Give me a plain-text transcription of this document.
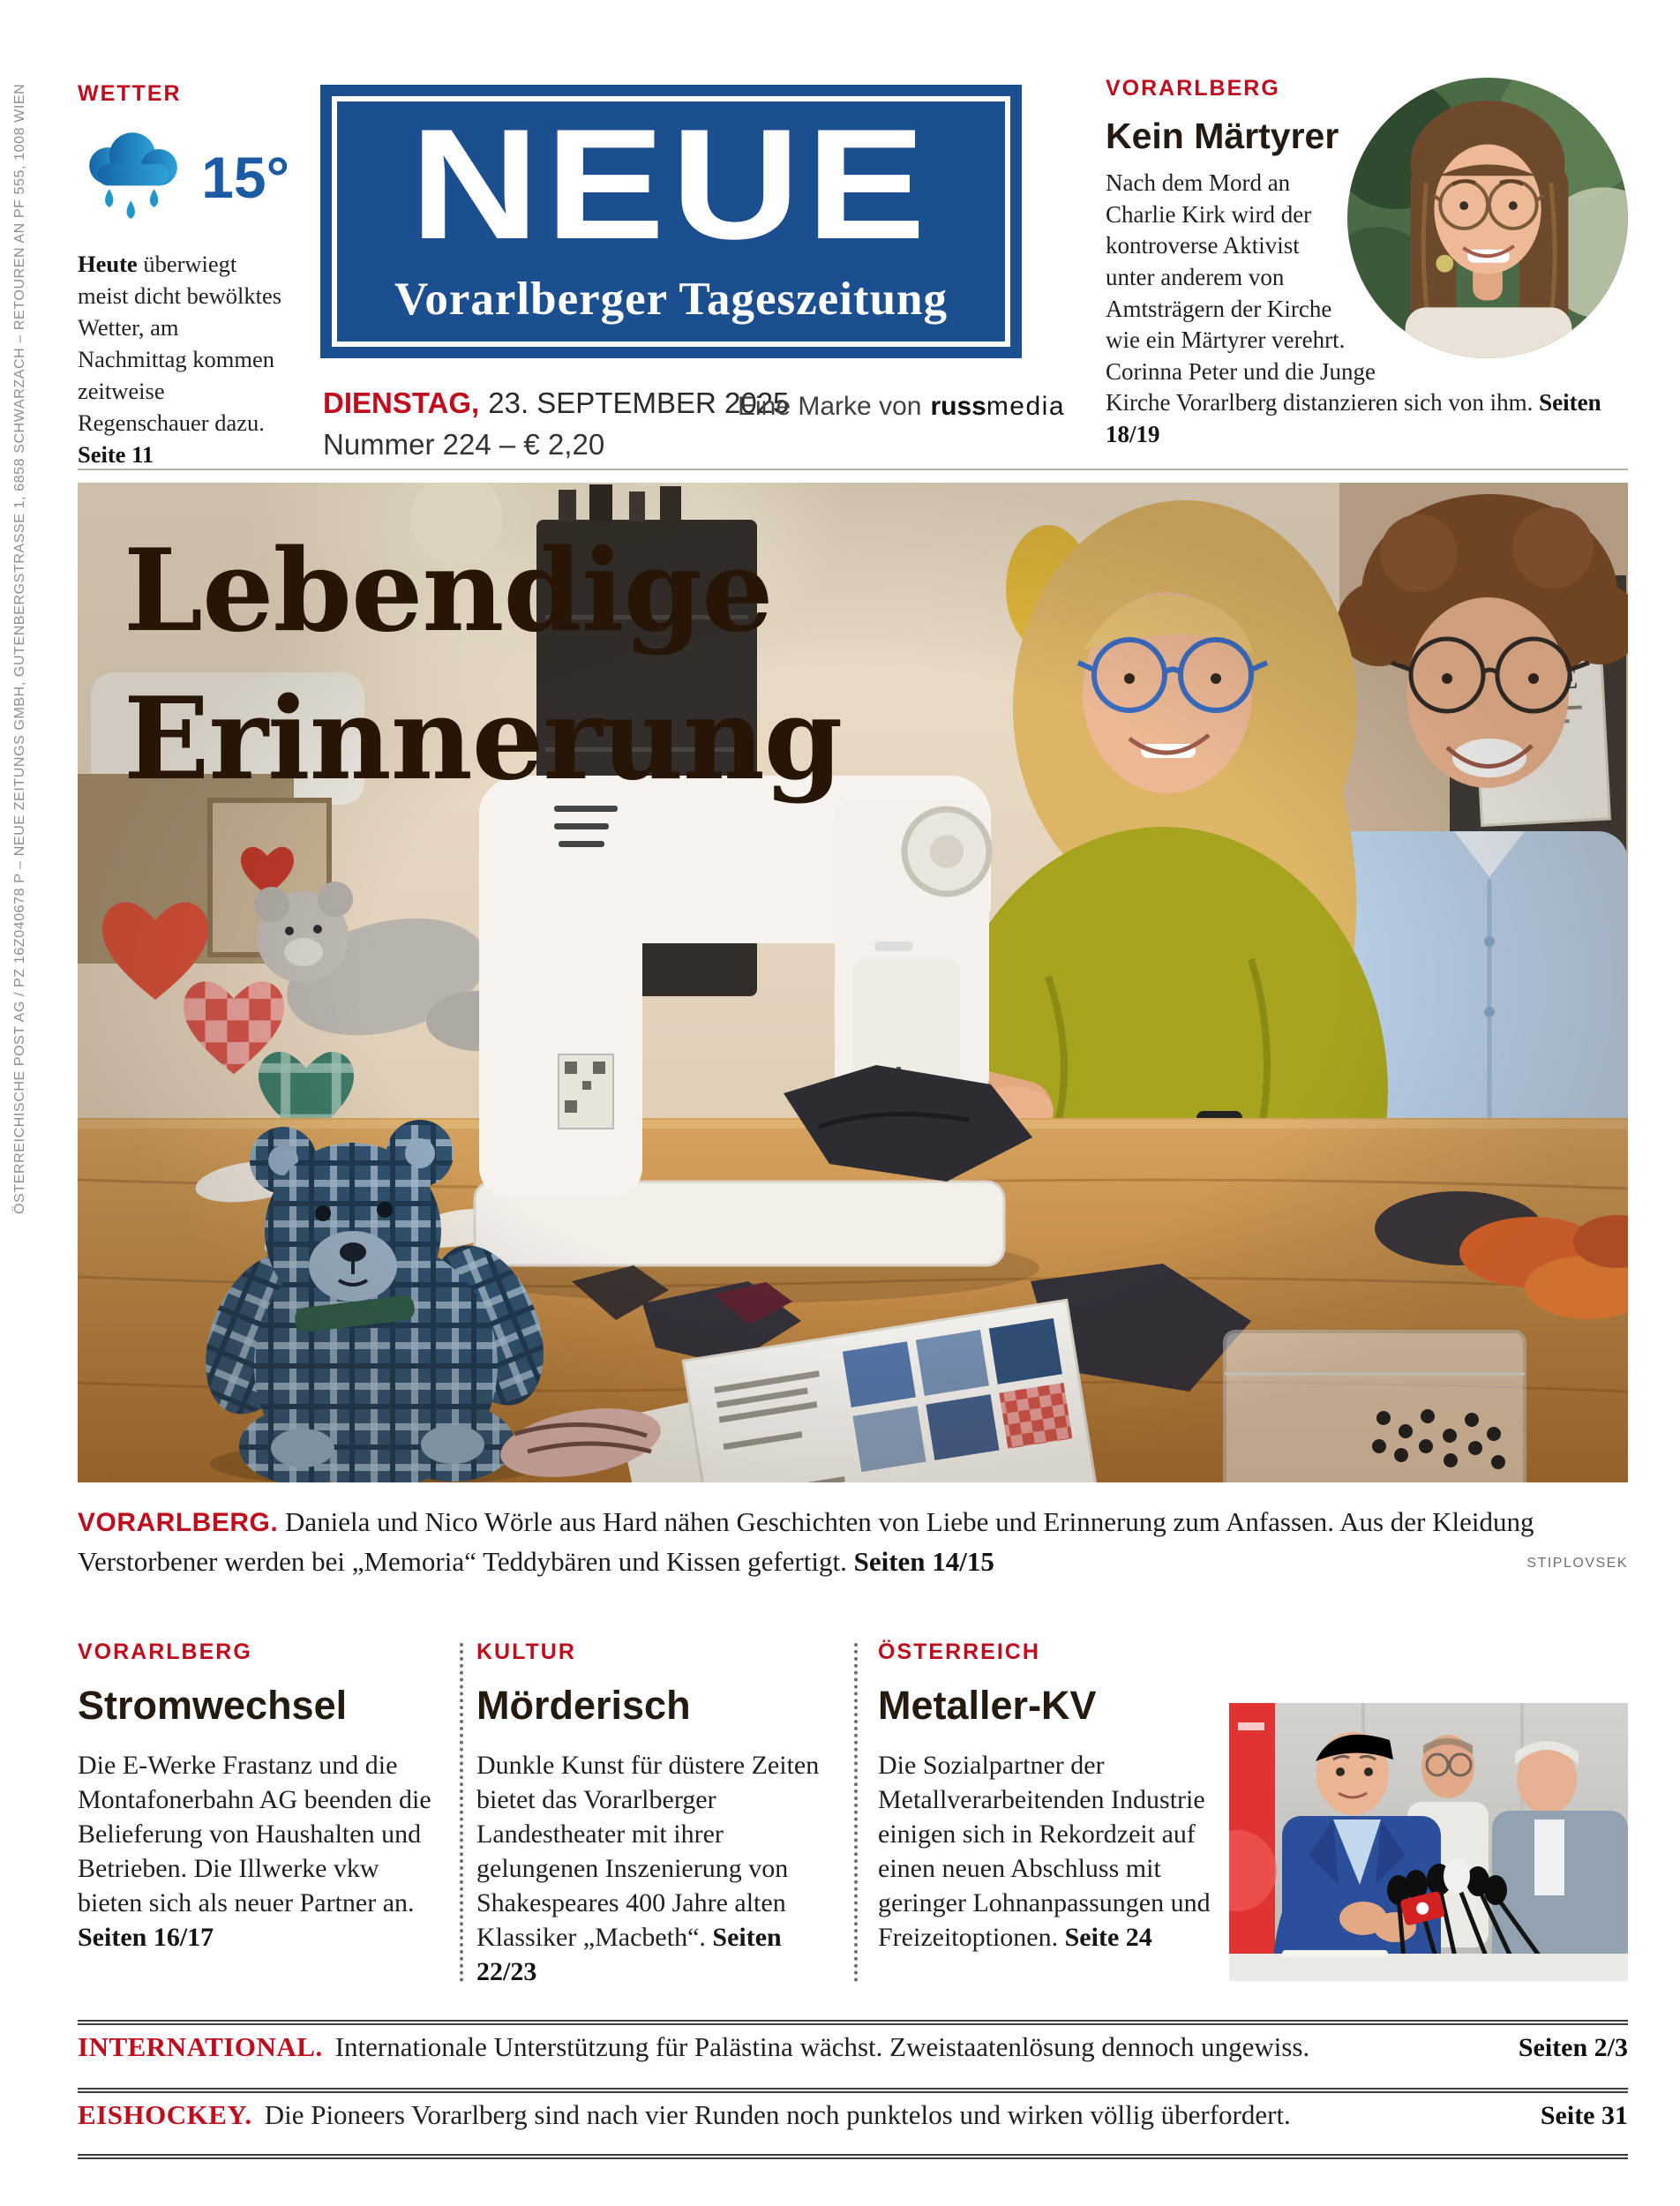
ÖSTERREICHISCHE POST AG / PZ 16Z040678 P – NEUE ZEITUNGS GMBH, GUTENBERGSTRASSE 1, 6858 SCHWARZACH – RETOUREN AN PF 555, 1008 WIEN WETTER
15°

Heute überwiegt meist dicht bewölktes Wetter, am Nachmittag kommen zeitweise Regenschauer dazu. Seite 11

NEUE
Vorarlberger Tageszeitung
DIENSTAG, 23. SEPTEMBER 2025
Nummer 224 – € 2,20
Eine Marke von russmedia
VORARLBERG
Kein Märtyrer

Nach dem Mord an Charlie Kirk wird der kontroverse Aktivist unter anderem von Amtsträgern der Kirche wie ein Märtyrer verehrt. Corinna Peter und die Junge Kirche Vorarlberg distanzieren sich von ihm. Seiten 18/19

Lebendige
Erinnerung
VORARLBERG. Daniela und Nico Wörle aus Hard nähen Geschichten von Liebe und Erinnerung zum Anfassen. Aus der Kleidung Verstorbener werden bei „Memoria“ Teddybären und Kissen gefertigt. Seiten 14/15	STIPLOVSEK
VORARLBERG
Stromwechsel

Die E-Werke Frastanz und die Montafonerbahn AG beenden die Belieferung von Haushalten und Betrieben. Die Illwerke vkw bieten sich als neuer Partner an. Seiten 16/17

KULTUR
Mörderisch

Dunkle Kunst für düstere Zeiten bietet das Vorarlberger Landestheater mit ihrer gelungenen Inszenierung von Shakespeares 400 Jahre alten Klassiker „Macbeth“. Seiten 22/23

ÖSTERREICH
Metaller-KV

Die Sozialpartner der Metallverarbeitenden Industrie einigen sich in Rekordzeit auf einen neuen Abschluss mit geringer Lohnanpassungen und Freizeitoptionen. Seite 24

INTERNATIONAL. Internationale Unterstützung für Palästina wächst. Zweistaatenlösung dennoch ungewiss.	Seiten 2/3
EISHOCKEY. Die Pioneers Vorarlberg sind nach vier Runden noch punktelos und wirken völlig überfordert.	Seite 31
